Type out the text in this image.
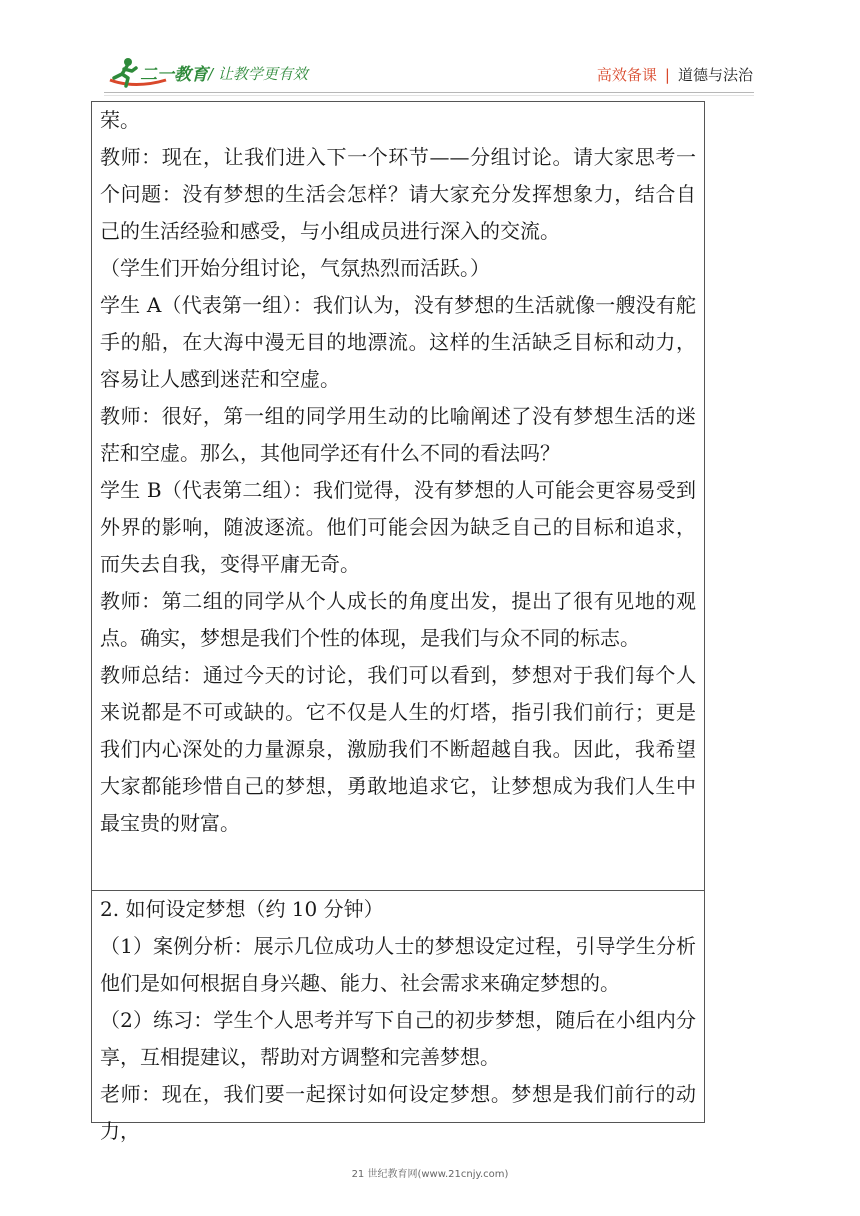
二一教育 / 让教学更有效	高效备课 | 道德与法治

荣。

教师：现在，让我们进入下一个环节——分组讨论。请大家思考一个问题：没有梦想的生活会怎样？请大家充分发挥想象力，结合自己的生活经验和感受，与小组成员进行深入的交流。

（学生们开始分组讨论，气氛热烈而活跃。）

学生 A（代表第一组）：我们认为，没有梦想的生活就像一艘没有舵手的船，在大海中漫无目的地漂流。这样的生活缺乏目标和动力，容易让人感到迷茫和空虚。

教师：很好，第一组的同学用生动的比喻阐述了没有梦想生活的迷茫和空虚。那么，其他同学还有什么不同的看法吗？

学生 B（代表第二组）：我们觉得，没有梦想的人可能会更容易受到外界的影响，随波逐流。他们可能会因为缺乏自己的目标和追求，而失去自我，变得平庸无奇。

教师：第二组的同学从个人成长的角度出发，提出了很有见地的观点。确实，梦想是我们个性的体现，是我们与众不同的标志。

教师总结：通过今天的讨论，我们可以看到，梦想对于我们每个人来说都是不可或缺的。它不仅是人生的灯塔，指引我们前行；更是我们内心深处的力量源泉，激励我们不断超越自我。因此，我希望大家都能珍惜自己的梦想，勇敢地追求它，让梦想成为我们人生中最宝贵的财富。

2. 如何设定梦想（约 10 分钟）

（1）案例分析：展示几位成功人士的梦想设定过程，引导学生分析他们是如何根据自身兴趣、能力、社会需求来确定梦想的。

（2）练习：学生个人思考并写下自己的初步梦想，随后在小组内分享，互相提建议，帮助对方调整和完善梦想。

老师：现在，我们要一起探讨如何设定梦想。梦想是我们前行的动力，

21 世纪教育网(www.21cnjy.com)
